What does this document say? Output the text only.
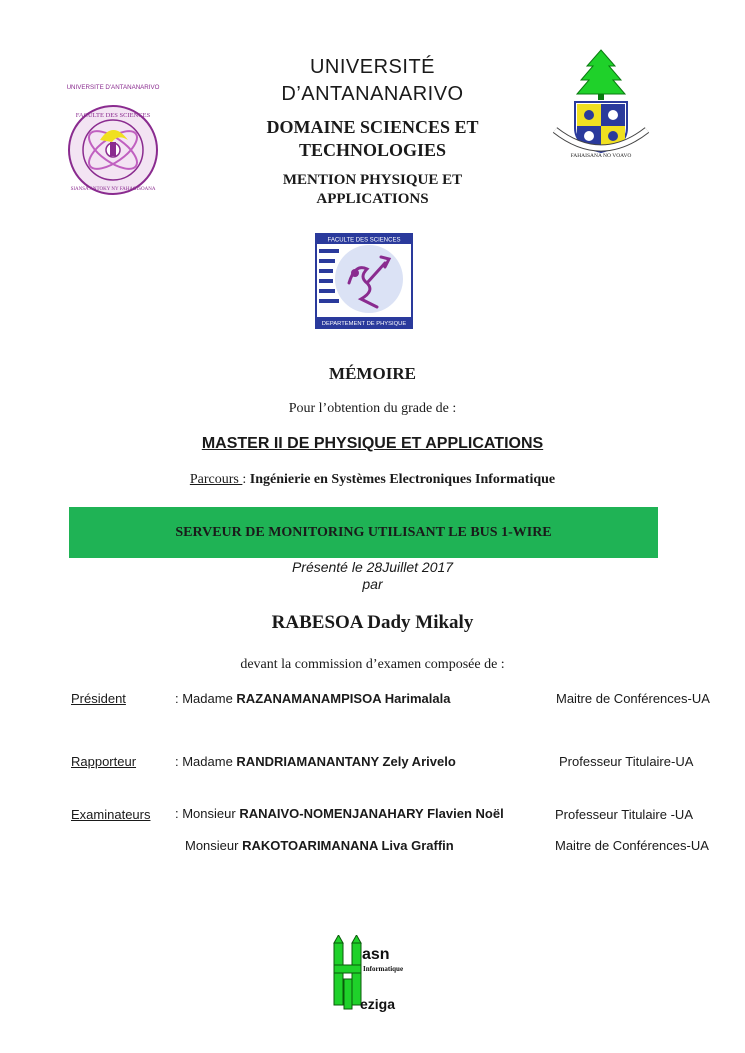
UNIVERSITE D'ANTANANARIVO
FACULTE DES SCIENCES
SIANSA ANTOKY NY FAHAGISOANA
FAHAISANA NO VOAVO
UNIVERSITÉ
D’ANTANANARIVO
DOMAINE SCIENCES ET
TECHNOLOGIES
MENTION PHYSIQUE ET
APPLICATIONS
FACULTE DES SCIENCES
DEPARTEMENT DE PHYSIQUE
MÉMOIRE
Pour l’obtention du grade de :
MASTER II DE PHYSIQUE ET APPLICATIONS
Parcours : Ingénierie en Systèmes Electroniques Informatique
SERVEUR DE MONITORING UTILISANT LE BUS 1-WIRE
Présenté le 28Juillet 2017
par
RABESOA Dady Mikaly
devant la commission d’examen composée de :
Président	: Madame RAZANAMANAMPISOA Harimalala	Maitre de Conférences-UA
Rapporteur	: Madame RANDRIAMANANTANY Zely Arivelo	Professeur Titulaire-UA
Examinateurs : Monsieur RANAIVO-NOMENJANAHARY Flavien Noël	Professeur Titulaire -UA
Monsieur RAKOTOARIMANANA Liva Graffin	Maitre de Conférences-UA
asn
Informatique
eziga
